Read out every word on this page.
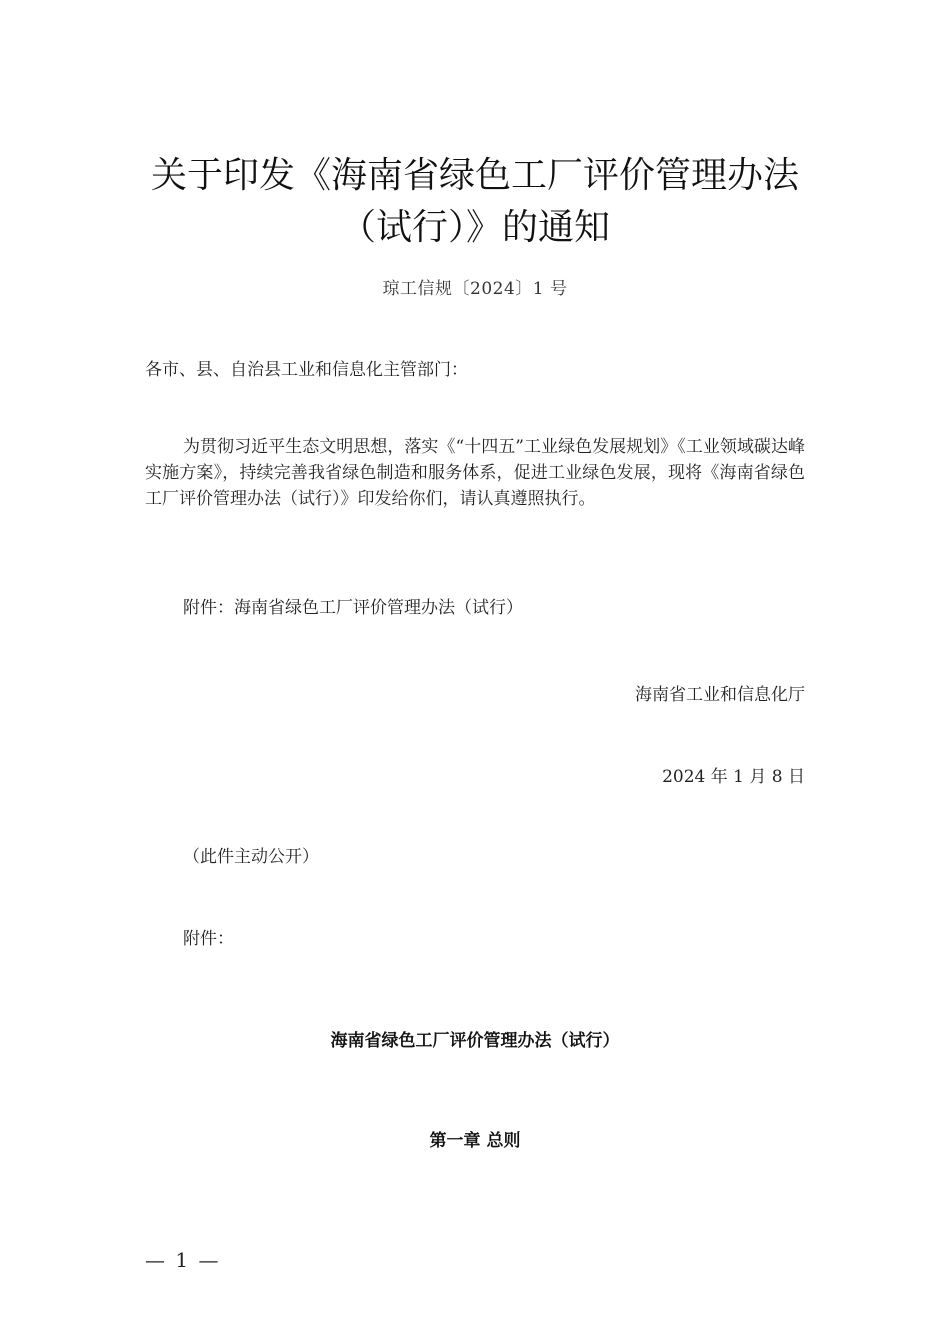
关于印发《海南省绿色工厂评价管理办法
（试行）》的通知
琼工信规〔2024〕1 号
各市、县、自治县工业和信息化主管部门：
为贯彻习近平生态文明思想，落实《“十四五”工业绿色发展规划》《工业领域碳达峰实施方案》，持续完善我省绿色制造和服务体系，促进工业绿色发展，现将《海南省绿色工厂评价管理办法（试行）》印发给你们，请认真遵照执行。
附件：海南省绿色工厂评价管理办法（试行）
海南省工业和信息化厅
2024 年 1 月 8 日
（此件主动公开）
附件：
海南省绿色工厂评价管理办法（试行）
第一章 总则
— 1 —
